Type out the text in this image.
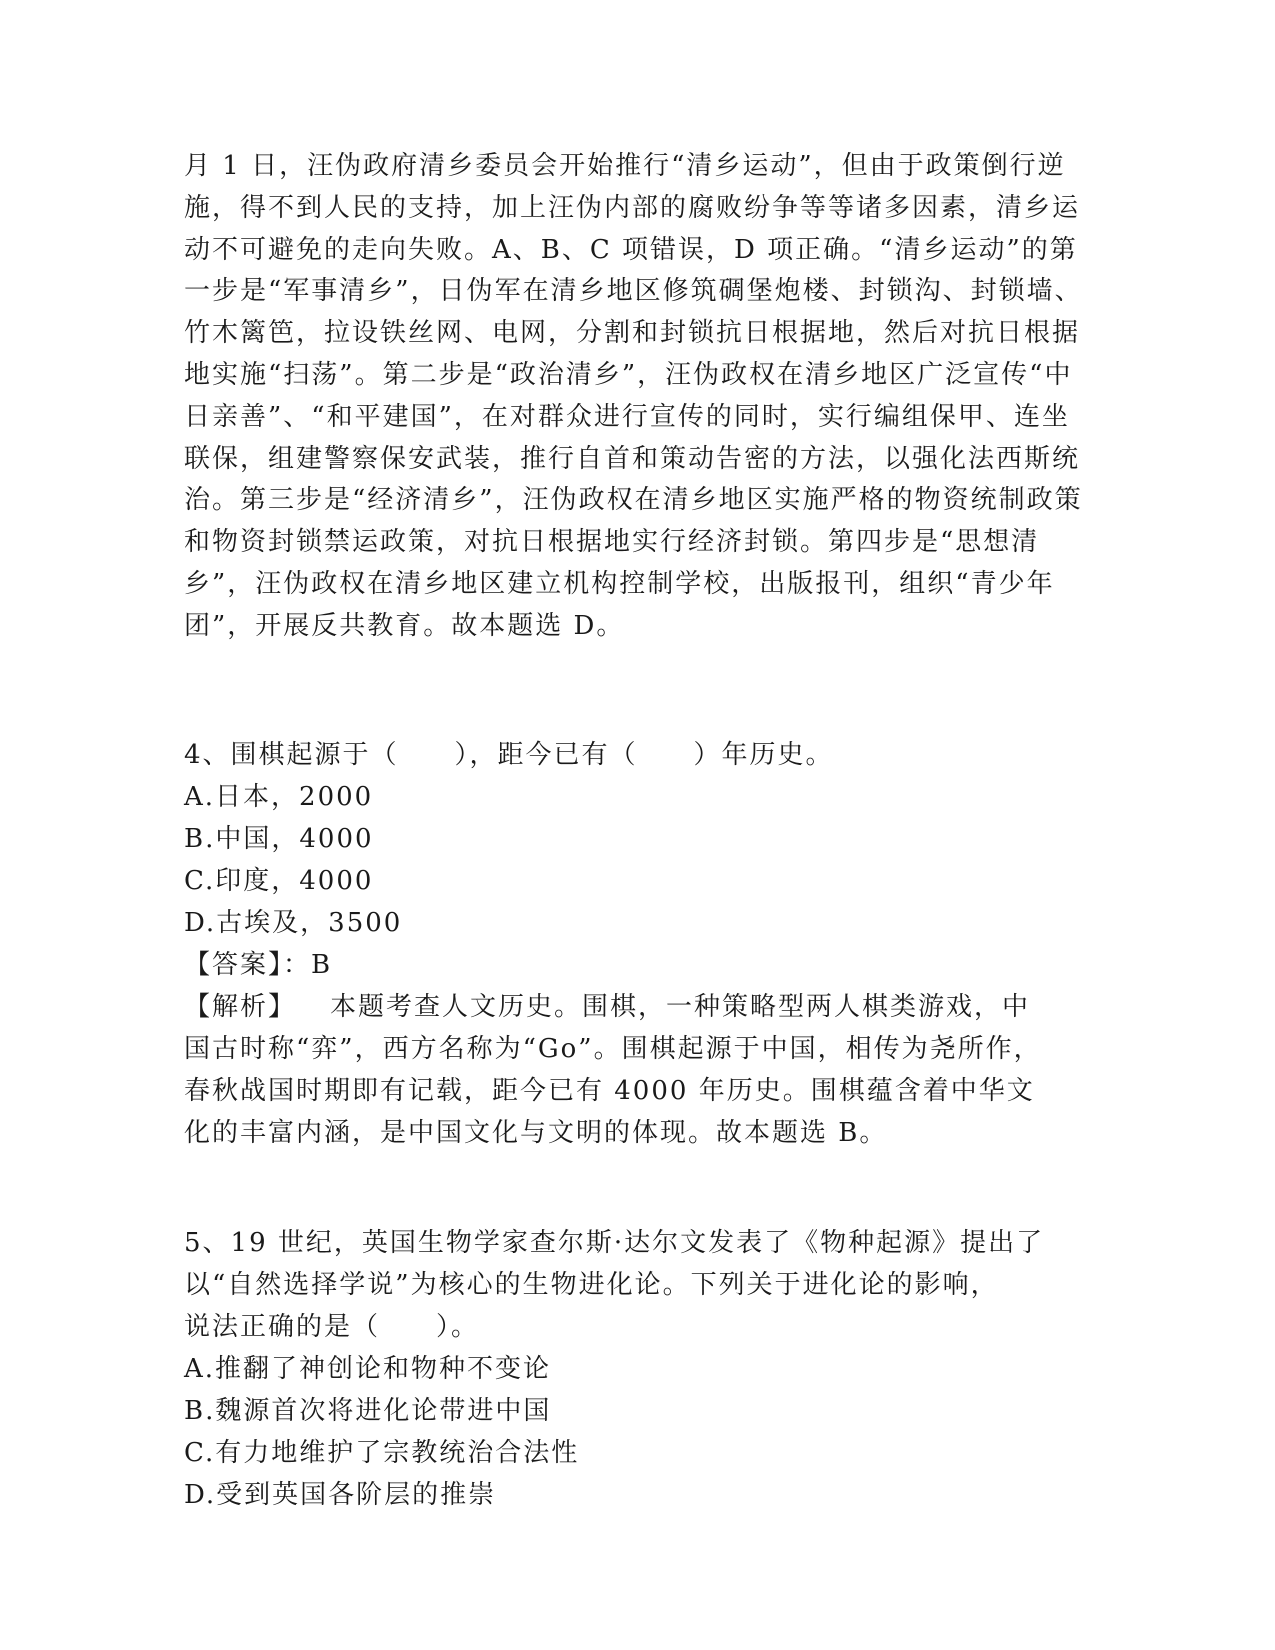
月 1 日，汪伪政府清乡委员会开始推行“清乡运动”，但由于政策倒行逆施，得不到人民的支持，加上汪伪内部的腐败纷争等等诸多因素，清乡运动不可避免的走向失败。A、B、C 项错误，D 项正确。“清乡运动”的第一步是“军事清乡”，日伪军在清乡地区修筑碉堡炮楼、封锁沟、封锁墙、竹木篱笆，拉设铁丝网、电网，分割和封锁抗日根据地，然后对抗日根据地实施“扫荡”。第二步是“政治清乡”，汪伪政权在清乡地区广泛宣传“中日亲善”、“和平建国”，在对群众进行宣传的同时，实行编组保甲、连坐联保，组建警察保安武装，推行自首和策动告密的方法，以强化法西斯统治。第三步是“经济清乡”，汪伪政权在清乡地区实施严格的物资统制政策和物资封锁禁运政策，对抗日根据地实行经济封锁。第四步是“思想清乡”，汪伪政权在清乡地区建立机构控制学校，出版报刊，组织“青少年团”，开展反共教育。故本题选 D。

4、围棋起源于（　　），距今已有（　　）年历史。
A.日本，2000
B.中国，4000
C.印度，4000
D.古埃及，3500
【答案】：B

【解析】 本题考查人文历史。围棋，一种策略型两人棋类游戏，中国古时称“弈”，西方名称为“Go”。围棋起源于中国，相传为尧所作，春秋战国时期即有记载，距今已有 4000 年历史。围棋蕴含着中华文化的丰富内涵，是中国文化与文明的体现。故本题选 B。

5、19 世纪，英国生物学家查尔斯·达尔文发表了《物种起源》提出了
以“自然选择学说”为核心的生物进化论。下列关于进化论的影响，
说法正确的是（　　）。
A.推翻了神创论和物种不变论
B.魏源首次将进化论带进中国
C.有力地维护了宗教统治合法性
D.受到英国各阶层的推崇
